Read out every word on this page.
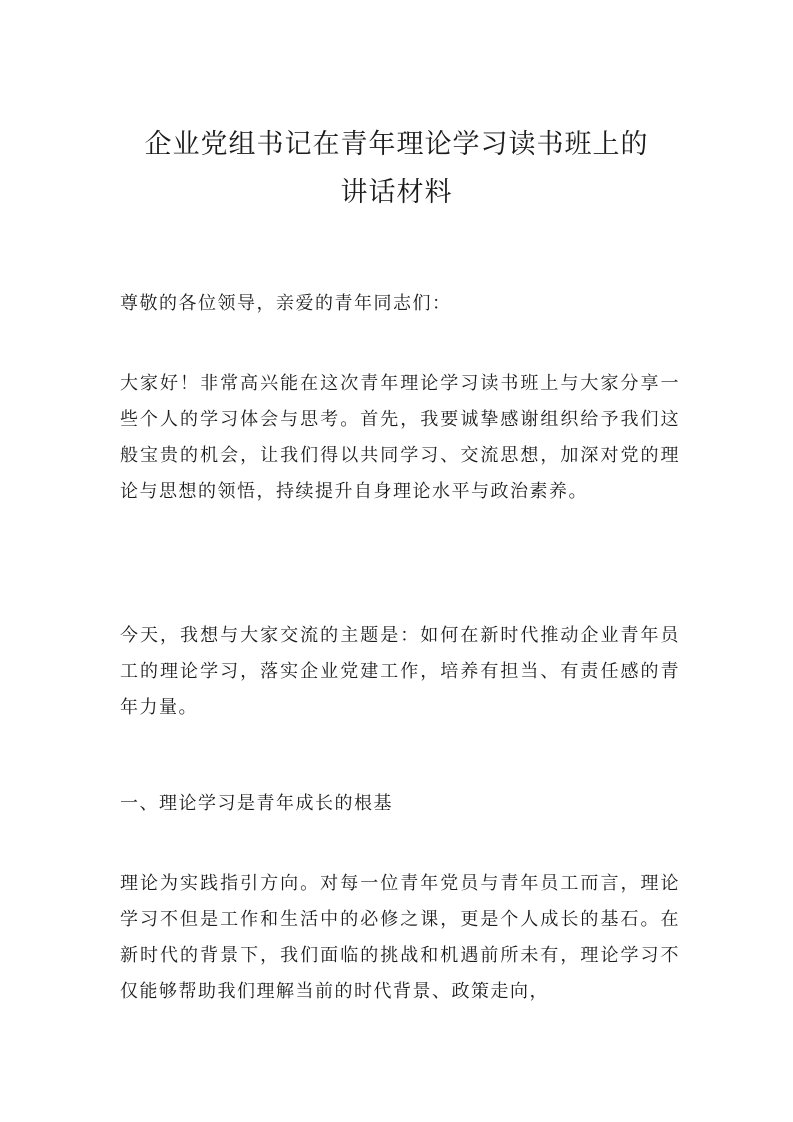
企业党组书记在青年理论学习读书班上的
讲话材料

尊敬的各位领导，亲爱的青年同志们：

大家好！非常高兴能在这次青年理论学习读书班上与大家分享一些个人的学习体会与思考。首先，我要诚挚感谢组织给予我们这般宝贵的机会，让我们得以共同学习、交流思想，加深对党的理论与思想的领悟，持续提升自身理论水平与政治素养。

今天，我想与大家交流的主题是：如何在新时代推动企业青年员工的理论学习，落实企业党建工作，培养有担当、有责任感的青年力量。

一、理论学习是青年成长的根基

理论为实践指引方向。对每一位青年党员与青年员工而言，理论学习不但是工作和生活中的必修之课，更是个人成长的基石。在新时代的背景下，我们面临的挑战和机遇前所未有，理论学习不仅能够帮助我们理解当前的时代背景、政策走向，
